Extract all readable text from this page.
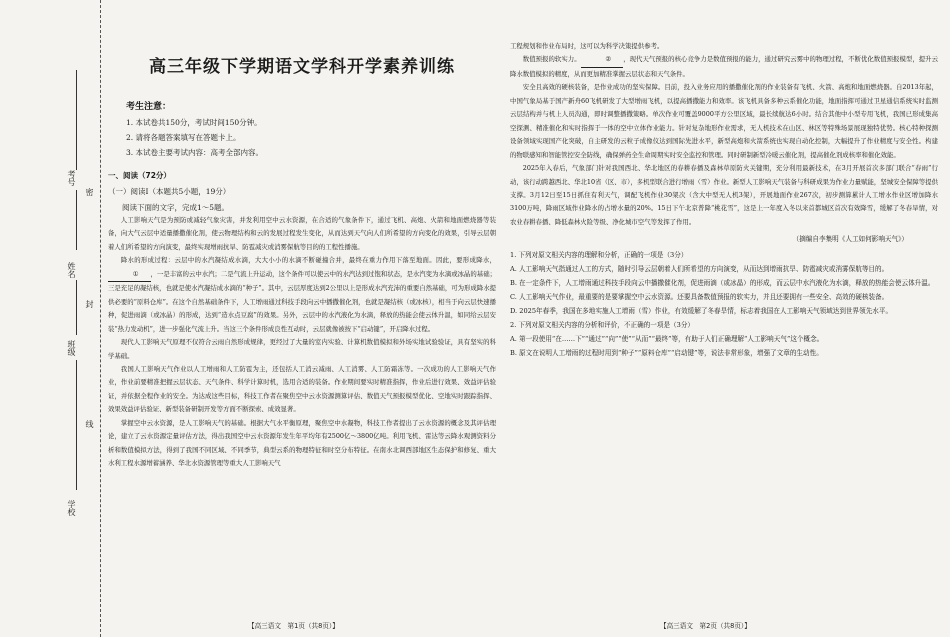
考号
姓名
班级
学校
密
封
线
高三年级下学期语文学科开学素养训练
考生注意：
1. 本试卷共150分，考试时间150分钟。
2. 请将各题答案填写在答题卡上。
3. 本试卷主要考试内容：高考全部内容。
一、阅读（72分）
（一）阅读Ⅰ（本题共5小题，19分）
阅读下面的文字，完成1～5题。

人工影响天气是为预防或减轻气象灾害，并发利用空中云水资源，在合适的气象条件下，通过飞机、高炮、火箭和地面燃烧器等装备，向大气云层中适量播撒催化剂，使云物理结构和云的发展过程发生变化，从而达到天气向人们所希望的方向变化的效果，引导云层朝着人们所希望的方向演变，最终实现增雨抗旱、防雹减灾或消雾保航等目的的工程性播施。

降水的形成过程：云层中的水汽凝结成水滴，大大小小的水滴不断碰撞合并，最终在重力作用下落至地面。因此，要形成降水，① ，一是丰富的云中水汽；二是气流上升运动，这个条件可以使云中的水汽达到过饱和状态，是水汽变为水滴或冰晶的基础；三是充足的凝结核，也就是使水汽凝结成水滴的“种子”。其中，云层厚度达到2公里以上是形成水汽充沛的重要自然基础，可为形成降水提供必要的“原料仓库”。在这个自然基础条件下，人工增雨通过科技手段向云中播撒催化剂，也就是凝结核（或冰核），相当于向云层快速播种，促进雨滴（或冰晶）的形成，达到“造水点豆腐”的效果。另外，云层中的水汽液化为水滴，释放的热能会使云体升温，如同给云层安装“热力发动机”，进一步强化气流上升。当这三个条件形成良性互动时，云层就像被按下“启动键”，开启降水过程。

现代人工影响天气原理不仅符合云雨自然形成规律，更经过了大量的室内实验、计算机数值模拟和外场实地试验验证，具有坚实的科学基础。

我国人工影响天气作业以人工增雨和人工防雹为主，还包括人工消云减雨、人工消雾、人工防霜冻等。一次成功的人工影响天气作业，作业前要精准把握云层状态、天气条件、科学计算时机，选用合适的装备。作业期间要实时精准指挥，作业后进行效果、效益评估验证，并依据全程作业的安全。为达成这些目标，科技工作者在聚焦空中云水资源测算评估、数值天气预报模型优化、空地实时跟踪指挥、效果效益评估验证、新型装备研制开发等方面不断探索、成效显著。

掌握空中云水资源，是人工影响天气的基础。根据大气水平衡原理，聚焦空中水凝物，科技工作者提出了云水资源的概念及其评估理论，建立了云水资源定量评估方法，得出我国空中云水资源年发生年平均年有2500亿～3800亿吨。利用飞机、雷达等云降水观测资料分析和数值模拟方法，得到了我国不同区域、不同季节，典型云系的物理特征和时空分布特征。在南水北调西部地区生态保护和修复、重大水利工程水源增蓄涵养、华北水资源管理等重大人工影响天气

【高三语文　第1页（共8页）】

工程规划和作业布局时，这可以为科学决策提供参考。

数值预报的软实力。	② ，现代天气预报的核心竞争力是数值预报的能力，通过研究云雾中的物理过程，不断优化数值预报模型，提升云降水数值模拟的精度，从而更加精准掌握云层状态和天气条件。

安全且高效的硬核装备，是作业成功的坚实保障。目前，投入业务应用的播撒催化剂的作业装备有飞机、火箭、高炮和地面燃烧器。自2013年起，中国气象局基于国产新舟60飞机研发了大型增雨飞机，以提高播撒能力和效率。该飞机具备多种云系催化功能，地面指挥可通过卫星通信系统实时监测云层结构并与机上人员沟通，即时调整播撒策略。单次作业可覆盖9000平方公里区域，最长续航达6小时。结合其他中小型专用飞机，我国已形成集高空探测、精准催化和实时指挥于一体的空中立体作业能力。针对复杂地形作业需求，无人机技术在山区、林区等特殊场景展现独特优势。核心特种探测设备领域实现国产化突破，自主研发的云粒子成像仪达到国际先进水平，新型高炮和火箭系统也实现自动化控制，大幅提升了作业精度与安全性。构建的物联感知和智能管控安全防线，确保弹药全生命周期实时安全监控和管理。同时研制新型冷暖云催化剂，提高催化剂成核率和催化效能。

2025年入春后，气象部门针对我国西北、华北地区的春耕春播及森林草原防火关键期，充分利用最新技术，在3月开展首次多部门联合“春雨”行动，该行动跨越西北、华北10省（区、市），多机型联合进行增雨（雪）作业。新型人工影响天气装备与科研成果为作业力量赋能，坚城安全保障等提供支撑。3月12日至15日抓住有利天气，调配飞机作业30架次（含大中型无人机3架），开展地面作业267次，初步测算累计人工增水作业区增加降水3100万吨，降雨区域作业降水的占增水量的20%。15日下午北京普降“桃花雪”，这是上一年度入冬以来首都城区首次有效降雪，缓解了冬春旱情，对农业春耕春播、降低森林火险等级、净化城市空气等发挥了作用。

（摘编自李集明《人工如何影响天气》）

1. 下列对原文相关内容的理解和分析，正确的一项是（3分）

A. 人工影响天气指通过人工的方式，随时引导云层朝着人们所希望的方向演变，从而达到增雨抗旱、防雹减灾或消雾保航等目的。

B. 在一定条件下，人工增雨通过科技手段向云中播撒催化剂，促进雨滴（或冰晶）的形成，而云层中水汽液化为水滴，释放的热能会使云体升温。

C. 人工影响天气作业，最重要的是要掌握空中云水资源。还要具备数值预报的软实力，并且还要拥有一些安全、高效的硬核装备。

D. 2025年春季，我国在多地实施人工增雨（雪）作业，有效缓解了冬春旱情，标志着我国在人工影响天气领域达到世界领先水平。

2. 下列对原文相关内容的分析和评价，不正确的一项是（3分）

A. 第一段使用“在……下”“通过”“向”“使”“从而”“最终”等，有助于人们正确理解“人工影响天气”这个概念。

B. 原文在说明人工增雨的过程时用到“种子”“原料仓库”“启动键”等，说法非常形象，增强了文章的生动性。

【高三语文　第2页（共8页）】
